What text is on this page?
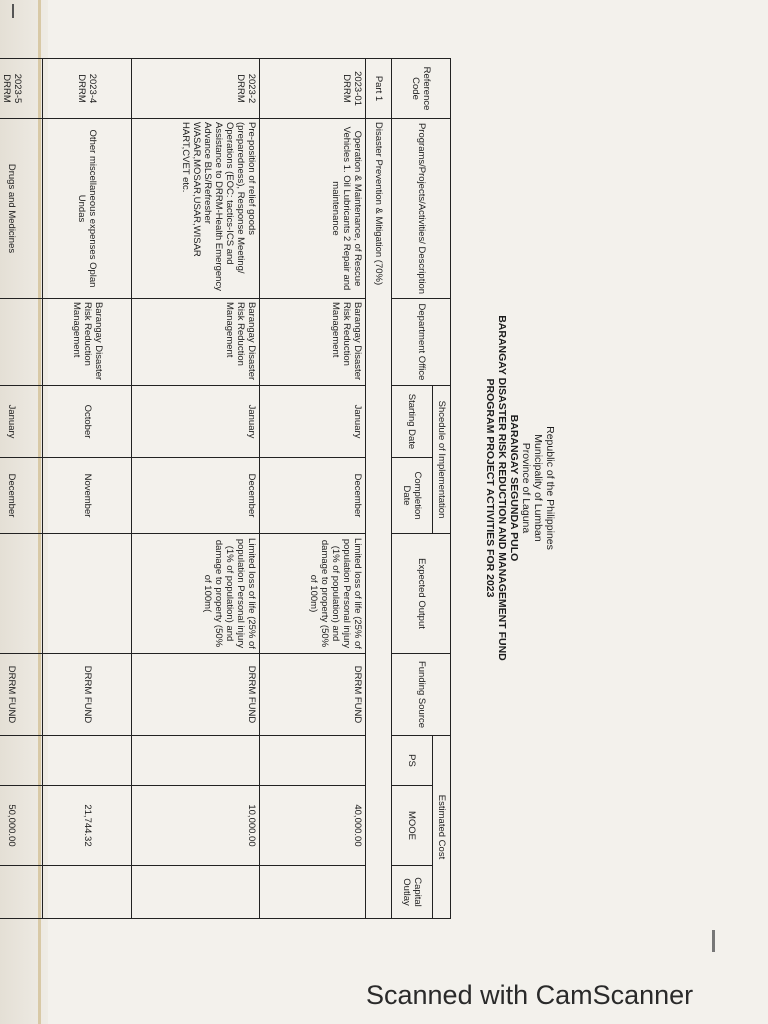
Republic of the Philippines
Municipality of Lumban
Province of Laguna
BARANGAY SEGUNDA PULO
BARANGAY DISASTER RISK REDUCTION AND MANAGEMENT FUND
PROGRAM PROJECT ACTIVITIES FOR 2023
Reference Code	Programs/Projects/Activities/ Description	Department Office	Shcedule of Implementation		Expected Output	Funding Source	Estimated Cost		
			Starting Date	Completion Date			PS	MOOE	Capital Outlay
Part 1	Disaster Prevention & Mitigation (70%)								
2023-01 DRRM	Operation & Maintenance, of Rescue Vehicles 1. Oil Lubricants 2 Repair and maintenance	Barangay Disaster Risk Reduction Management	January	December	Limited loss of life (25% of population Personal injury (1% of population) and damage to property (50% of 100m)	DRRM FUND		40,000.00	
2023-2 DRRM	Pre-position of relief goods (preparedness), Response Meeting/ Operations (EOC: tactics-ICS and Assistance to DRRM-Health Emergency Advance BLS/Refresher WASAR,MOSAR,USAR,WISAR HART,CVET etc.	Barangay Disaster Risk Reduction Management	January	December	Limited loss of life (25% of population Personal injury (1% of population) and damage to property (50% of 100m(	DRRM FUND		10,000.00	
2023-4 DRRM	Other miscellaneous expenses Oplan Undas	Barangay Disaster Risk Reduction Management	October	November		DRRM FUND		21,744.32	
2023-5 DRRM	Drugs and Medicines		January	December		DRRM FUND		50,000.00	
Scanned with CamScanner
